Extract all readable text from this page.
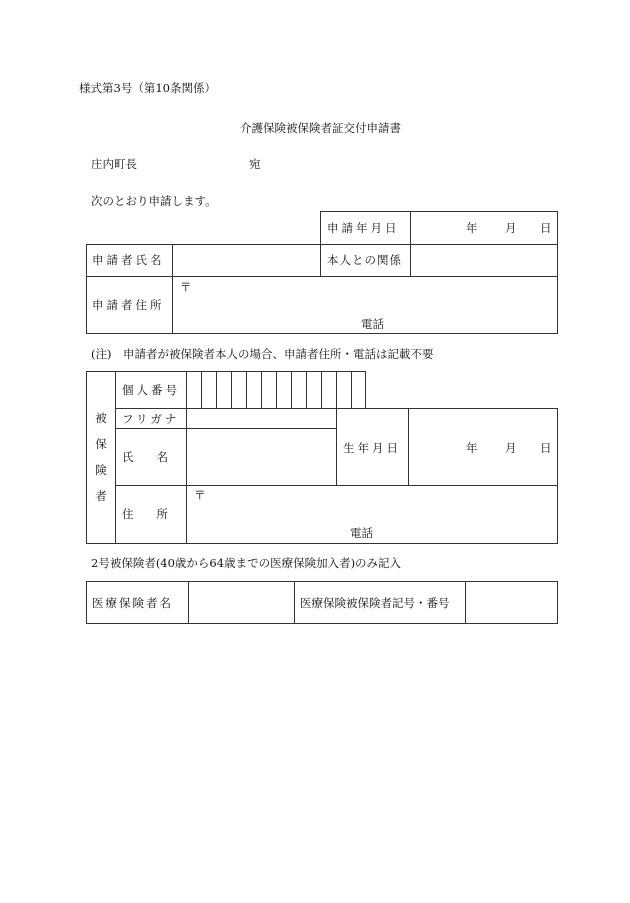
様式第3号（第10条関係）
介護保険被保険者証交付申請書
庄内町長	宛
次のとおり申請します。
申請年月日	年 月 日
申請者氏名	本人との関係
申請者住所
〒
電話
(注)　申請者が被保険者本人の場合、申請者住所・電話は記載不要
被
保
険
者
個人番号
フリガナ
氏　　名
生年月日	年 月 日
住　　所
〒
電話
2号被保険者(40歳から64歳までの医療保険加入者)のみ記入
医療保険者名	医療保険被保険者記号・番号
